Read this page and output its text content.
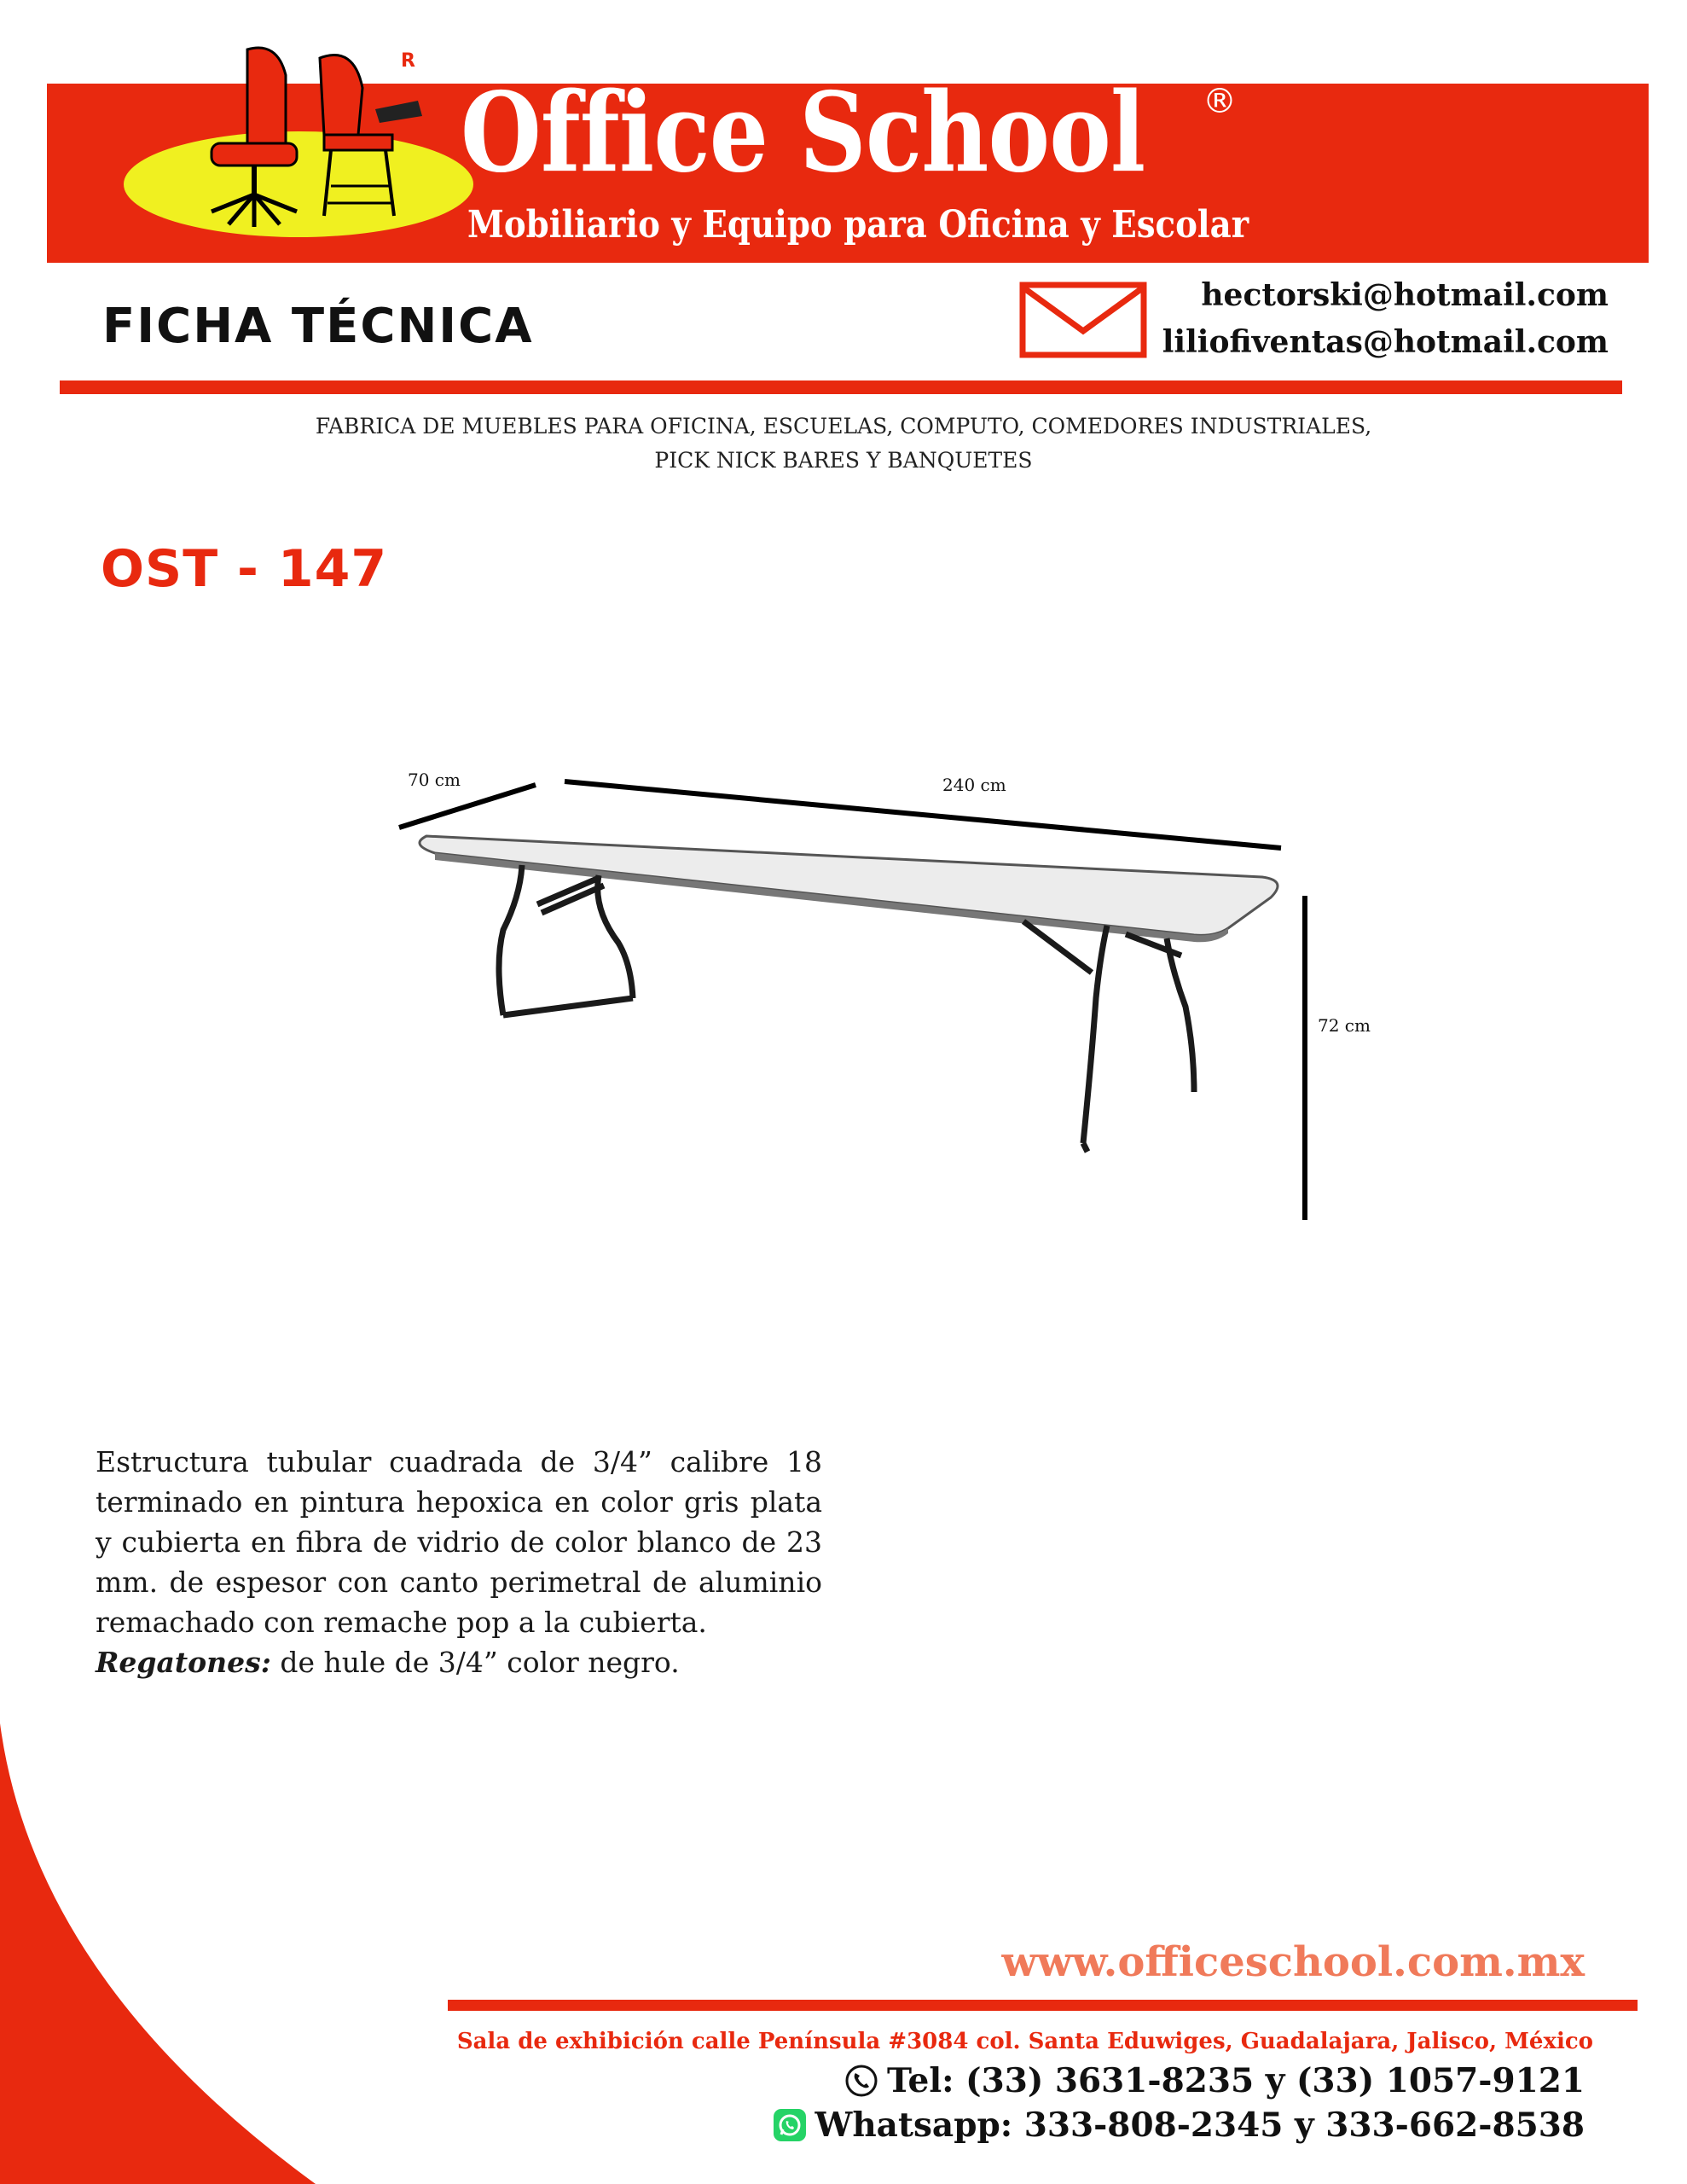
R
Office School ®
Mobiliario y Equipo para Oficina y Escolar
FICHA TÉCNICA
hectorski@hotmail.com
liliofiventas@hotmail.com
FABRICA DE MUEBLES PARA OFICINA, ESCUELAS, COMPUTO, COMEDORES INDUSTRIALES,
PICK NICK BARES Y BANQUETES
OST - 147
70 cm	240 cm
72 cm
Estructura tubular cuadrada de 3/4” calibre 18 terminado en pintura hepoxica en color gris plata y cubierta en fibra de vidrio de color blanco de 23 mm. de espesor con canto perimetral de aluminio remachado con remache pop a la cubierta.
Regatones: de hule de 3/4” color negro.
www.officeschool.com.mx
Sala de exhibición calle Península #3084 col. Santa Eduwiges, Guadalajara, Jalisco, México
Tel: (33) 3631-8235 y (33) 1057-9121
Whatsapp: 333-808-2345 y 333-662-8538
